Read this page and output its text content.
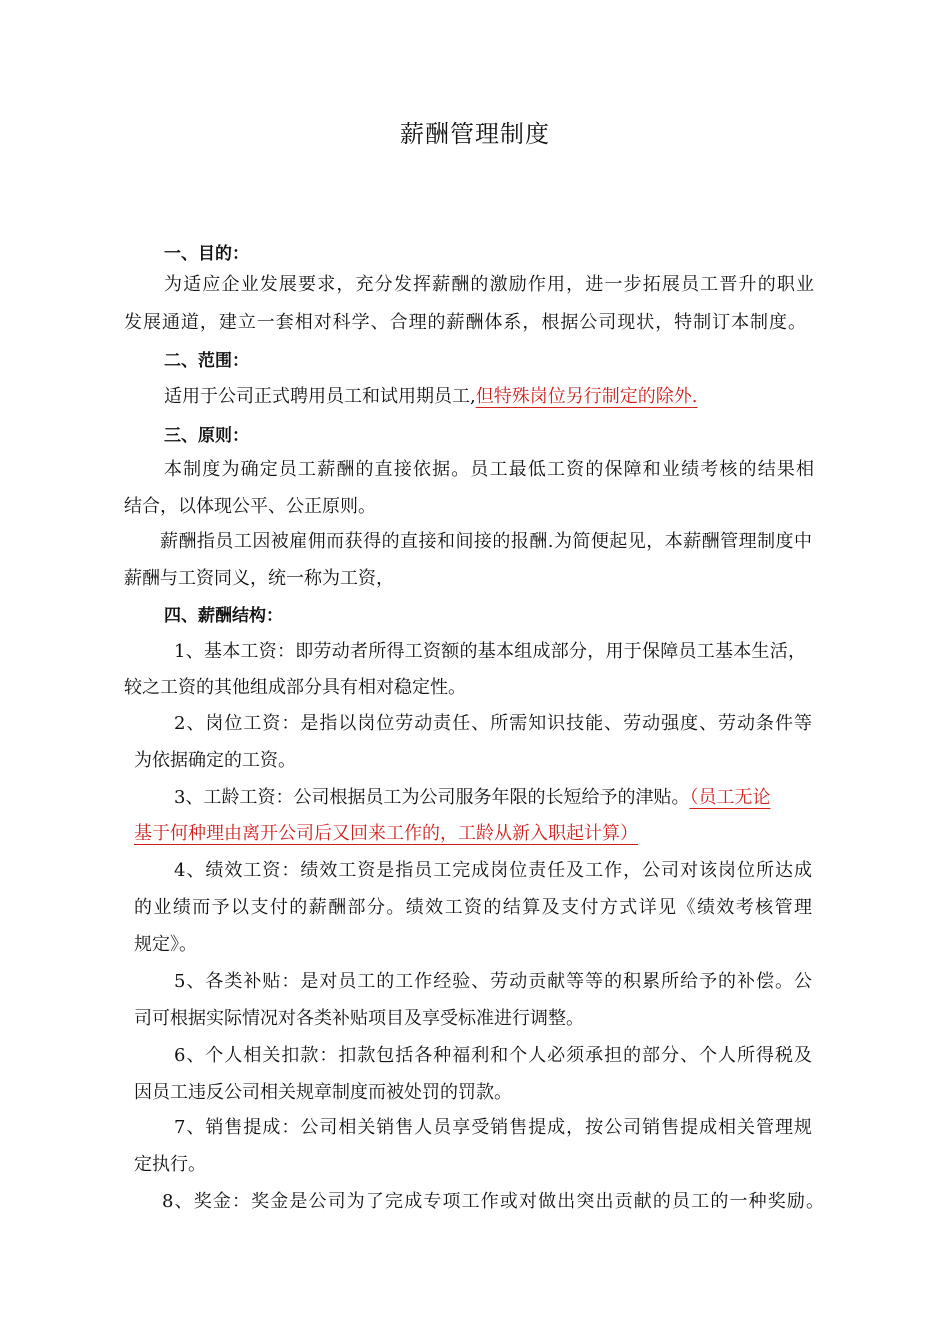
薪酬管理制度
一、目的：
为适应企业发展要求，充分发挥薪酬的激励作用，进一步拓展员工晋升的职业
发展通道，建立一套相对科学、合理的薪酬体系，根据公司现状，特制订本制度。
二、范围：
适用于公司正式聘用员工和试用期员工,但特殊岗位另行制定的除外.
三、原则：
本制度为确定员工薪酬的直接依据。员工最低工资的保障和业绩考核的结果相
结合，以体现公平、公正原则。
薪酬指员工因被雇佣而获得的直接和间接的报酬.为简便起见，本薪酬管理制度中
薪酬与工资同义，统一称为工资，
四、薪酬结构：
1、基本工资：即劳动者所得工资额的基本组成部分，用于保障员工基本生活，
较之工资的其他组成部分具有相对稳定性。
2、岗位工资：是指以岗位劳动责任、所需知识技能、劳动强度、劳动条件等
为依据确定的工资。
3、工龄工资：公司根据员工为公司服务年限的长短给予的津贴。（员工无论
基于何种理由离开公司后又回来工作的，工龄从新入职起计算）
4、绩效工资：绩效工资是指员工完成岗位责任及工作，公司对该岗位所达成
的业绩而予以支付的薪酬部分。绩效工资的结算及支付方式详见《绩效考核管理
规定》。
5、各类补贴：是对员工的工作经验、劳动贡献等等的积累所给予的补偿。公
司可根据实际情况对各类补贴项目及享受标准进行调整。
6、个人相关扣款：扣款包括各种福利和个人必须承担的部分、个人所得税及
因员工违反公司相关规章制度而被处罚的罚款。
7、销售提成：公司相关销售人员享受销售提成，按公司销售提成相关管理规
定执行。
8、奖金：奖金是公司为了完成专项工作或对做出突出贡献的员工的一种奖励。
